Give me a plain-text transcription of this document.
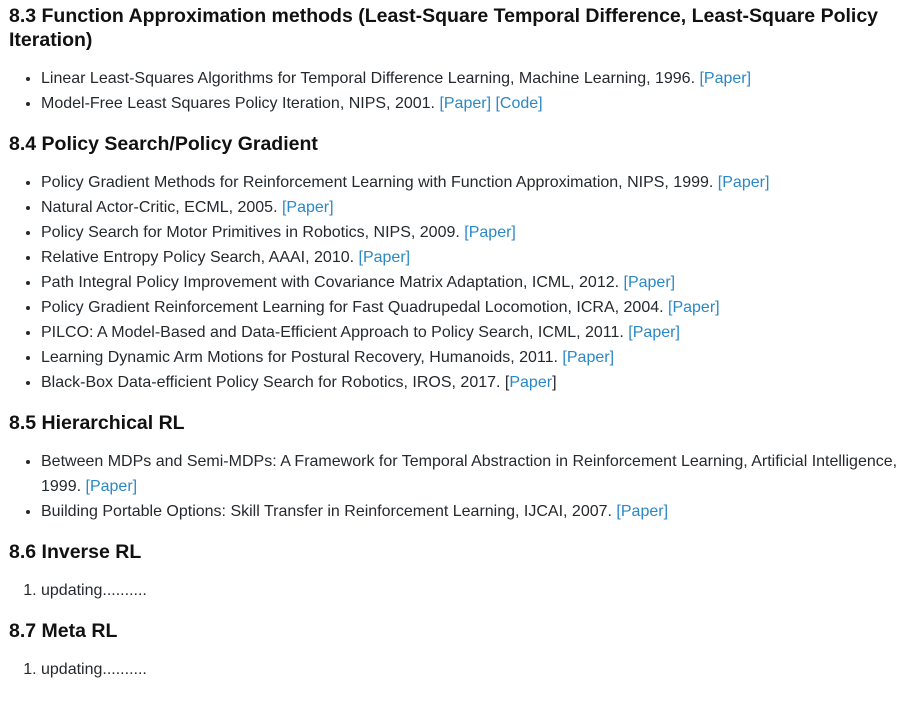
8.3 Function Approximation methods (Least-Square Temporal Difference, Least-Square Policy Iteration)
• Linear Least-Squares Algorithms for Temporal Difference Learning, Machine Learning, 1996. [Paper]
• Model-Free Least Squares Policy Iteration, NIPS, 2001. [Paper] [Code]
8.4 Policy Search/Policy Gradient
• Policy Gradient Methods for Reinforcement Learning with Function Approximation, NIPS, 1999. [Paper]
• Natural Actor-Critic, ECML, 2005. [Paper]
• Policy Search for Motor Primitives in Robotics, NIPS, 2009. [Paper]
• Relative Entropy Policy Search, AAAI, 2010. [Paper]
• Path Integral Policy Improvement with Covariance Matrix Adaptation, ICML, 2012. [Paper]
• Policy Gradient Reinforcement Learning for Fast Quadrupedal Locomotion, ICRA, 2004. [Paper]
• PILCO: A Model-Based and Data-Efficient Approach to Policy Search, ICML, 2011. [Paper]
• Learning Dynamic Arm Motions for Postural Recovery, Humanoids, 2011. [Paper]
• Black-Box Data-efficient Policy Search for Robotics, IROS, 2017. [Paper]
8.5 Hierarchical RL
• Between MDPs and Semi-MDPs: A Framework for Temporal Abstraction in Reinforcement Learning, Artificial Intelligence, 1999. [Paper]
• Building Portable Options: Skill Transfer in Reinforcement Learning, IJCAI, 2007. [Paper]
8.6 Inverse RL
1. updating..........
8.7 Meta RL
1. updating..........
